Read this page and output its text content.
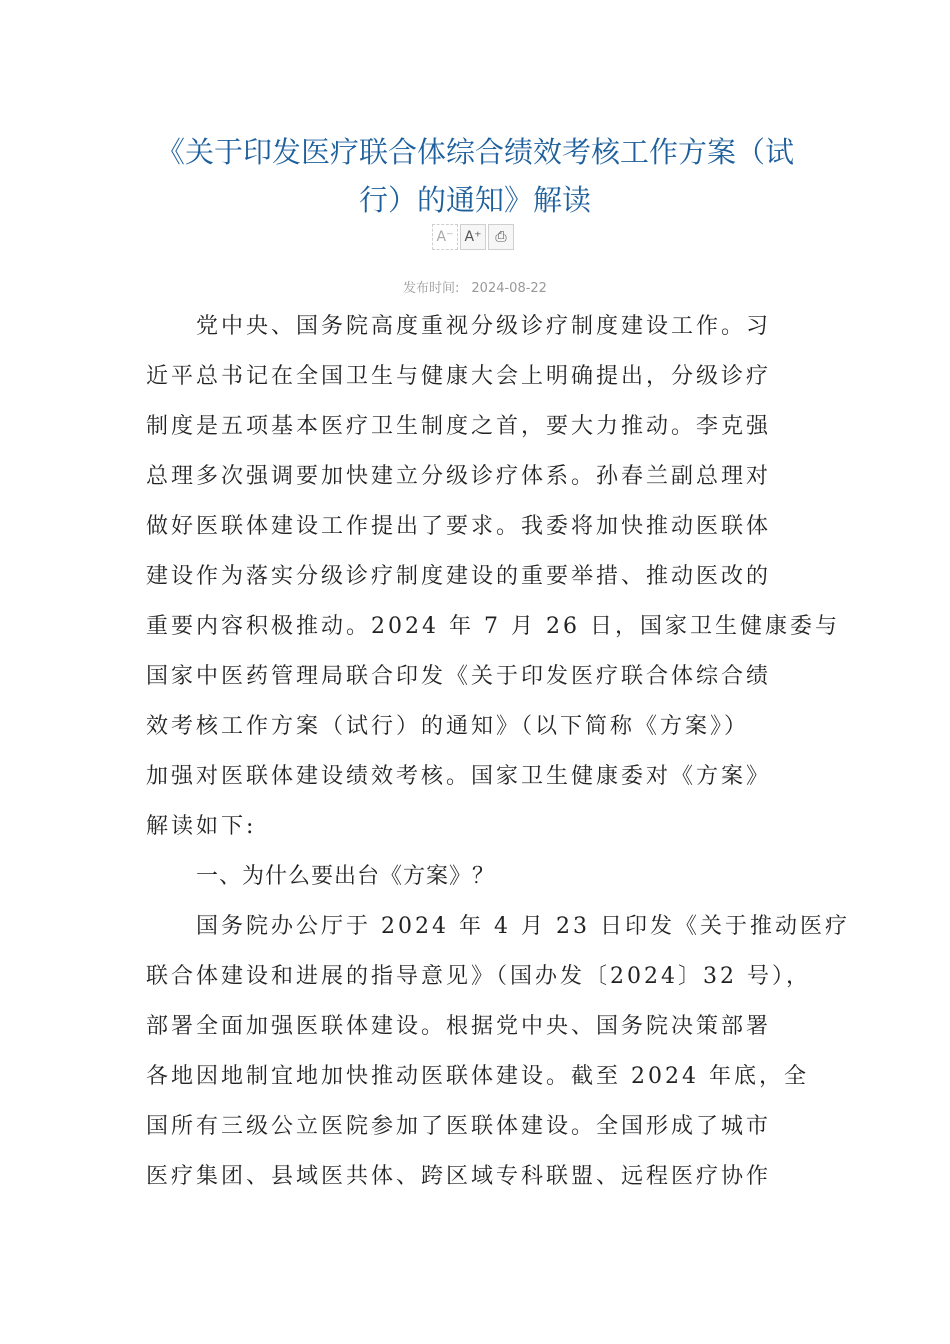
《关于印发医疗联合体综合绩效考核工作方案（试
行）的通知》解读
A⁻ A⁺ ⎙
发布时间: 2024-08-22
党中央、国务院高度重视分级诊疗制度建设工作。习
近平总书记在全国卫生与健康大会上明确提出，分级诊疗
制度是五项基本医疗卫生制度之首，要大力推动。李克强
总理多次强调要加快建立分级诊疗体系。孙春兰副总理对
做好医联体建设工作提出了要求。我委将加快推动医联体
建设作为落实分级诊疗制度建设的重要举措、推动医改的
重要内容积极推动。2024 年 7 月 26 日，国家卫生健康委与
国家中医药管理局联合印发《关于印发医疗联合体综合绩
效考核工作方案（试行）的通知》（以下简称《方案》）
加强对医联体建设绩效考核。国家卫生健康委对《方案》
解读如下:
一、为什么要出台《方案》？
国务院办公厅于 2024 年 4 月 23 日印发《关于推动医疗
联合体建设和进展的指导意见》（国办发〔2024〕32 号），
部署全面加强医联体建设。根据党中央、国务院决策部署
各地因地制宜地加快推动医联体建设。截至 2024 年底，全
国所有三级公立医院参加了医联体建设。全国形成了城市
医疗集团、县域医共体、跨区域专科联盟、远程医疗协作
